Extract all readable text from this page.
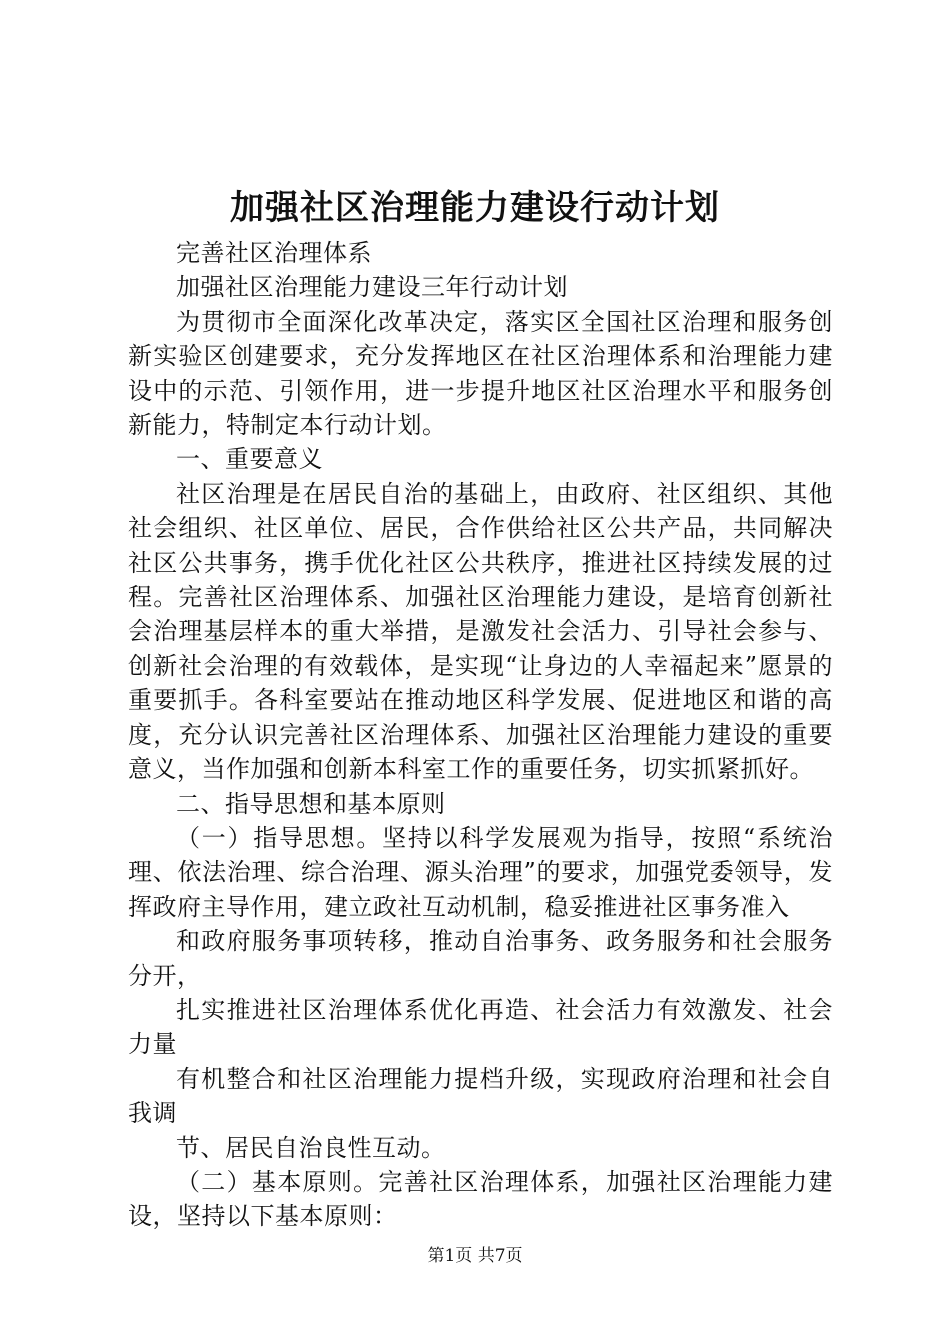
加强社区治理能力建设行动计划

完善社区治理体系

加强社区治理能力建设三年行动计划

为贯彻市全面深化改革决定，落实区全国社区治理和服务创新实验区创建要求，充分发挥地区在社区治理体系和治理能力建设中的示范、引领作用，进一步提升地区社区治理水平和服务创新能力，特制定本行动计划。

一、重要意义

社区治理是在居民自治的基础上，由政府、社区组织、其他社会组织、社区单位、居民，合作供给社区公共产品，共同解决社区公共事务，携手优化社区公共秩序，推进社区持续发展的过程。完善社区治理体系、加强社区治理能力建设，是培育创新社会治理基层样本的重大举措，是激发社会活力、引导社会参与、创新社会治理的有效载体，是实现“让身边的人幸福起来”愿景的重要抓手。各科室要站在推动地区科学发展、促进地区和谐的高度，充分认识完善社区治理体系、加强社区治理能力建设的重要意义，当作加强和创新本科室工作的重要任务，切实抓紧抓好。

二、指导思想和基本原则

（一）指导思想。坚持以科学发展观为指导，按照“系统治理、依法治理、综合治理、源头治理”的要求，加强党委领导，发挥政府主导作用，建立政社互动机制，稳妥推进社区事务准入

和政府服务事项转移，推动自治事务、政务服务和社会服务分开，

扎实推进社区治理体系优化再造、社会活力有效激发、社会力量

有机整合和社区治理能力提档升级，实现政府治理和社会自我调

节、居民自治良性互动。

（二）基本原则。完善社区治理体系，加强社区治理能力建设，坚持以下基本原则：

第1页 共7页
